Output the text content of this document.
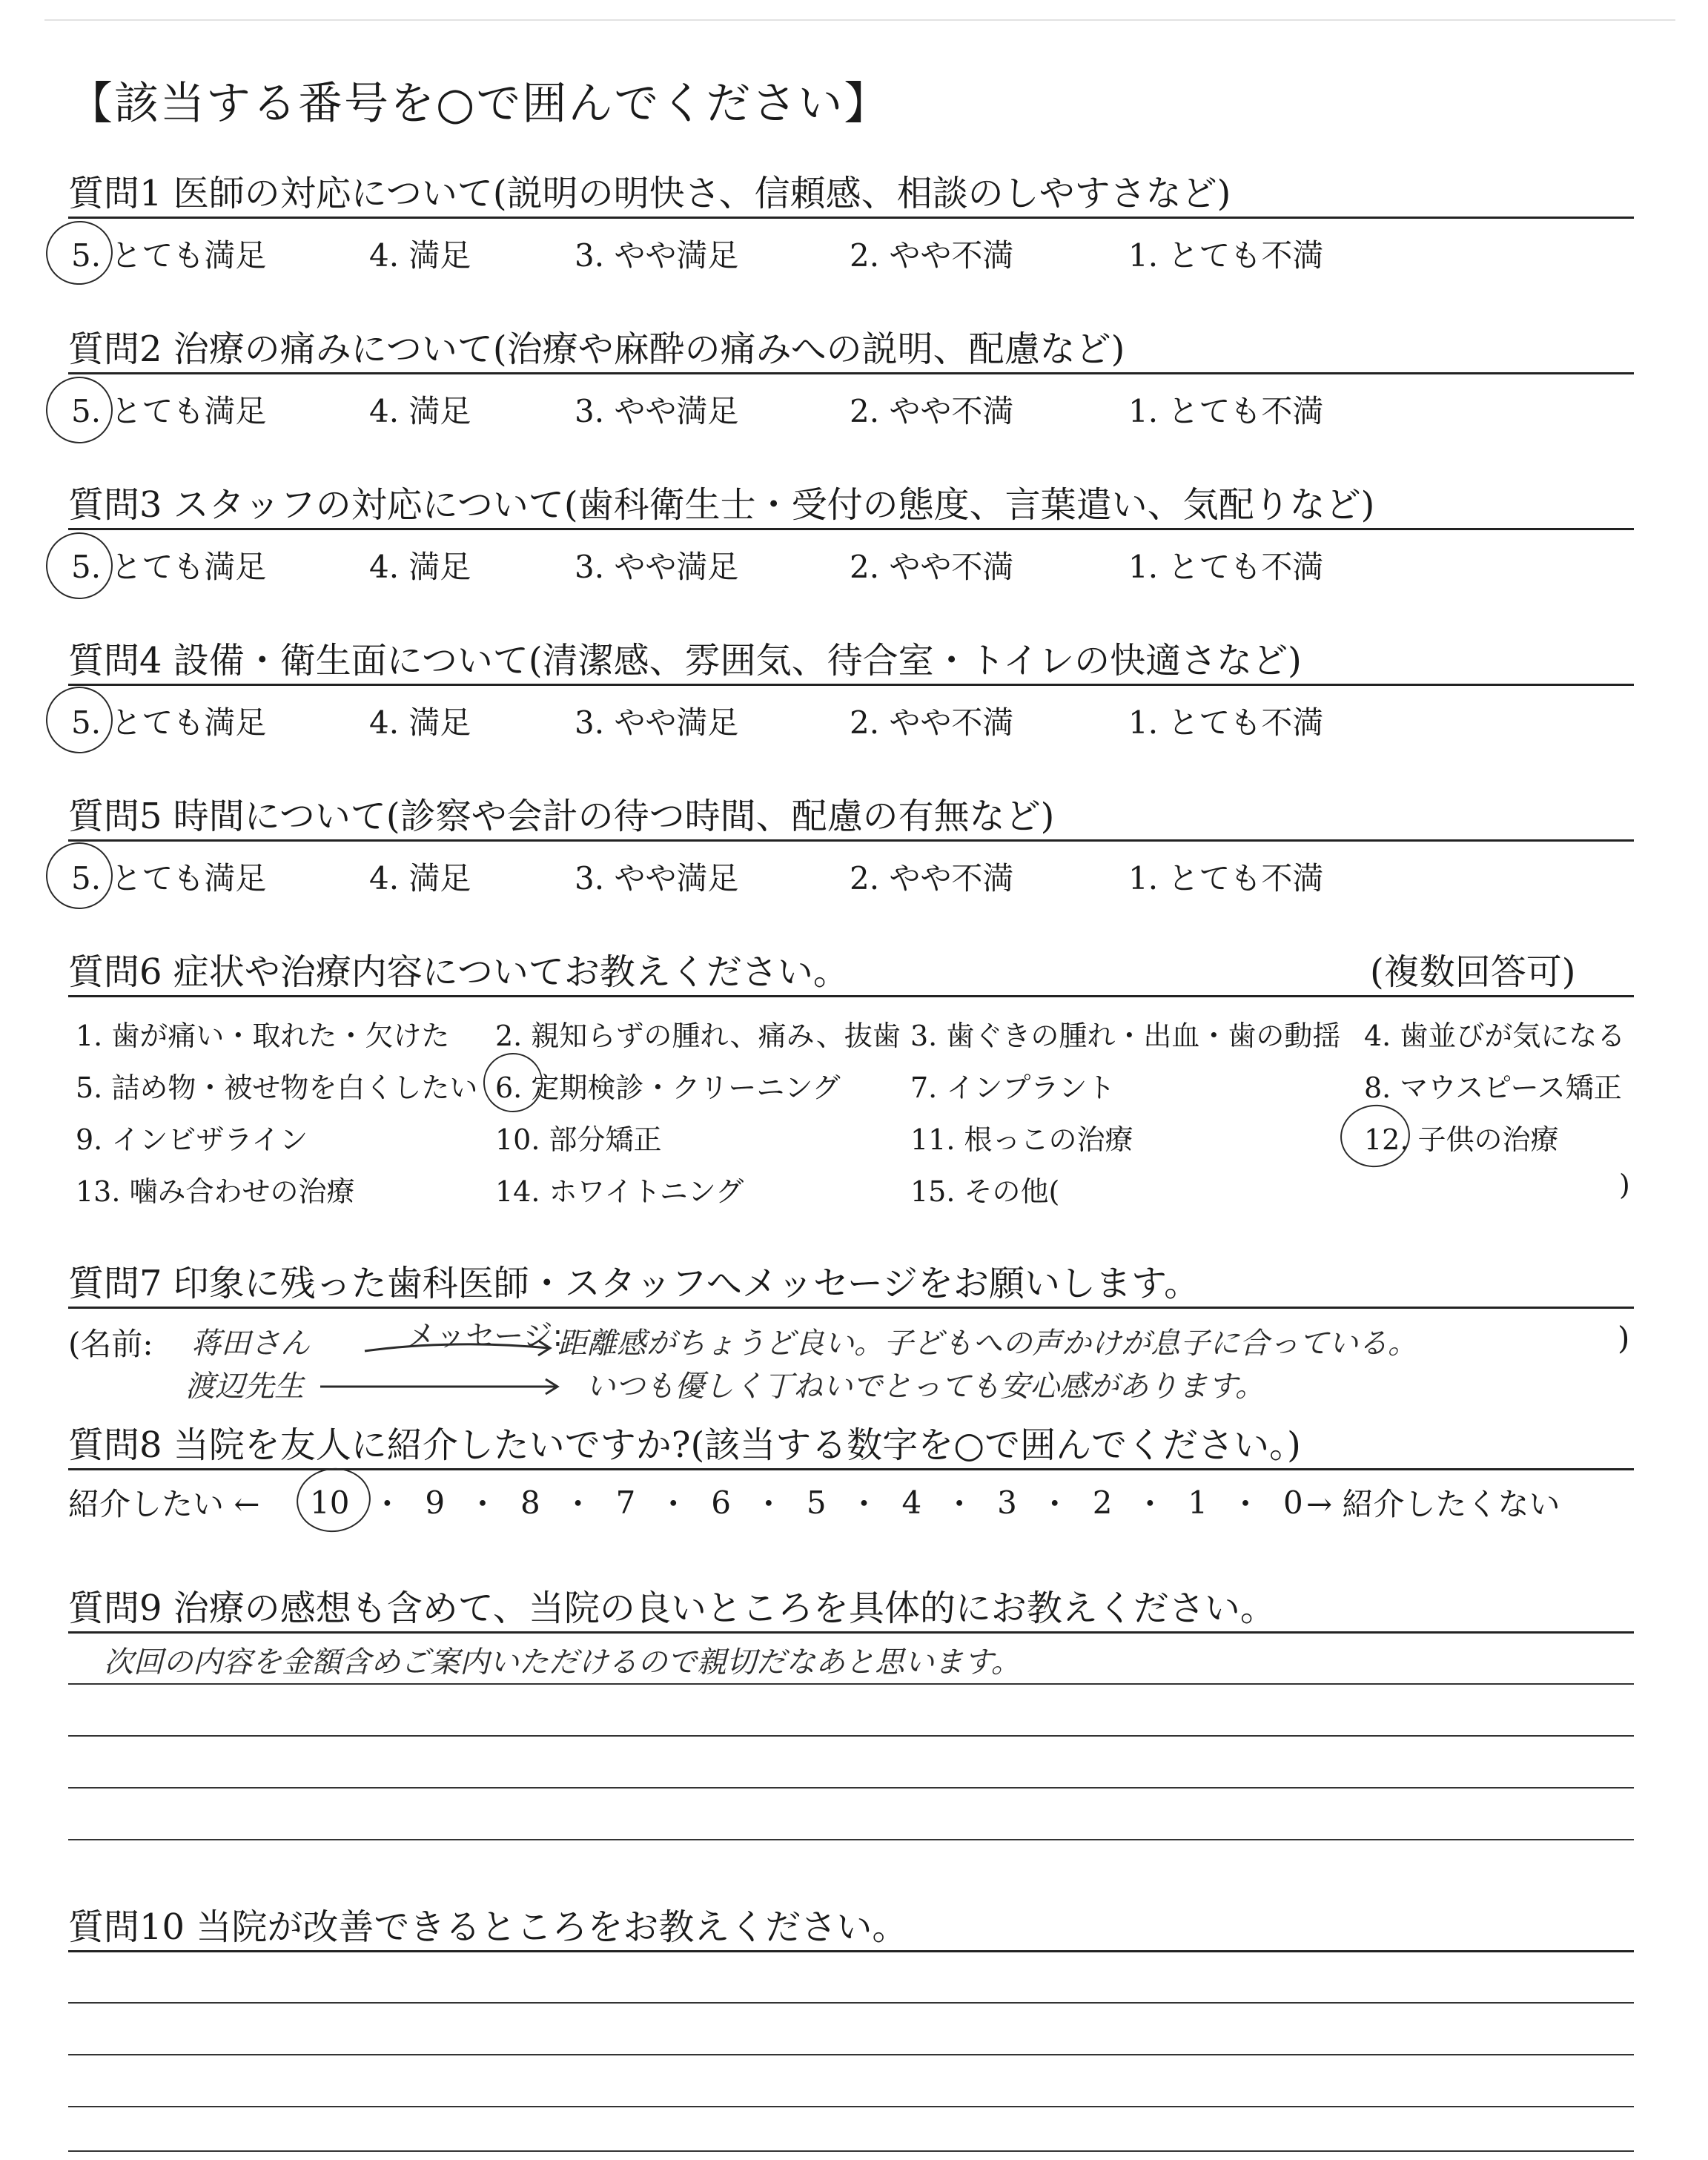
【該当する番号を○で囲んでください】
質問1 医師の対応について(説明の明快さ、信頼感、相談のしやすさなど)
5. とても満足	4. 満足	3. やや満足	2. やや不満	1. とても不満
質問2 治療の痛みについて(治療や麻酔の痛みへの説明、配慮など)
5. とても満足	4. 満足	3. やや満足	2. やや不満	1. とても不満
質問3 スタッフの対応について(歯科衛生士・受付の態度、言葉遣い、気配りなど)
5. とても満足	4. 満足	3. やや満足	2. やや不満	1. とても不満
質問4 設備・衛生面について(清潔感、雰囲気、待合室・トイレの快適さなど)
5. とても満足	4. 満足	3. やや満足	2. やや不満	1. とても不満
質問5 時間について(診察や会計の待つ時間、配慮の有無など)
5. とても満足	4. 満足	3. やや満足	2. やや不満	1. とても不満
質問6 症状や治療内容についてお教えください。	(複数回答可)
1. 歯が痛い・取れた・欠けた 2. 親知らずの腫れ、痛み、抜歯 3. 歯ぐきの腫れ・出血・歯の動揺 4. 歯並びが気になる
5. 詰め物・被せ物を白くしたい 6. 定期検診・クリーニング 7. インプラント	8. マウスピース矯正
9. インビザライン	10. 部分矯正	11. 根っこの治療	12. 子供の治療
13. 噛み合わせの治療	14. ホワイトニング	15. その他(	)
質問7 印象に残った歯科医師・スタッフへメッセージをお願いします。
(名前:	)
蒋田さん	メッセージ:
距離感がちょうど良い。子どもへの声かけが息子に合っている。
渡辺先生	いつも優しく丁ねいでとっても安心感があります。
質問8 当院を友人に紹介したいですか?(該当する数字を○で囲んでください。)
紹介したい ←	→ 紹介したくない
10 ・ 9 ・ 8 ・ 7 ・ 6 ・ 5 ・ 4 ・ 3 ・ 2 ・ 1 ・ 0
質問9 治療の感想も含めて、当院の良いところを具体的にお教えください。
次回の内容を金額含めご案内いただけるので親切だなあと思います。
質問10 当院が改善できるところをお教えください。
